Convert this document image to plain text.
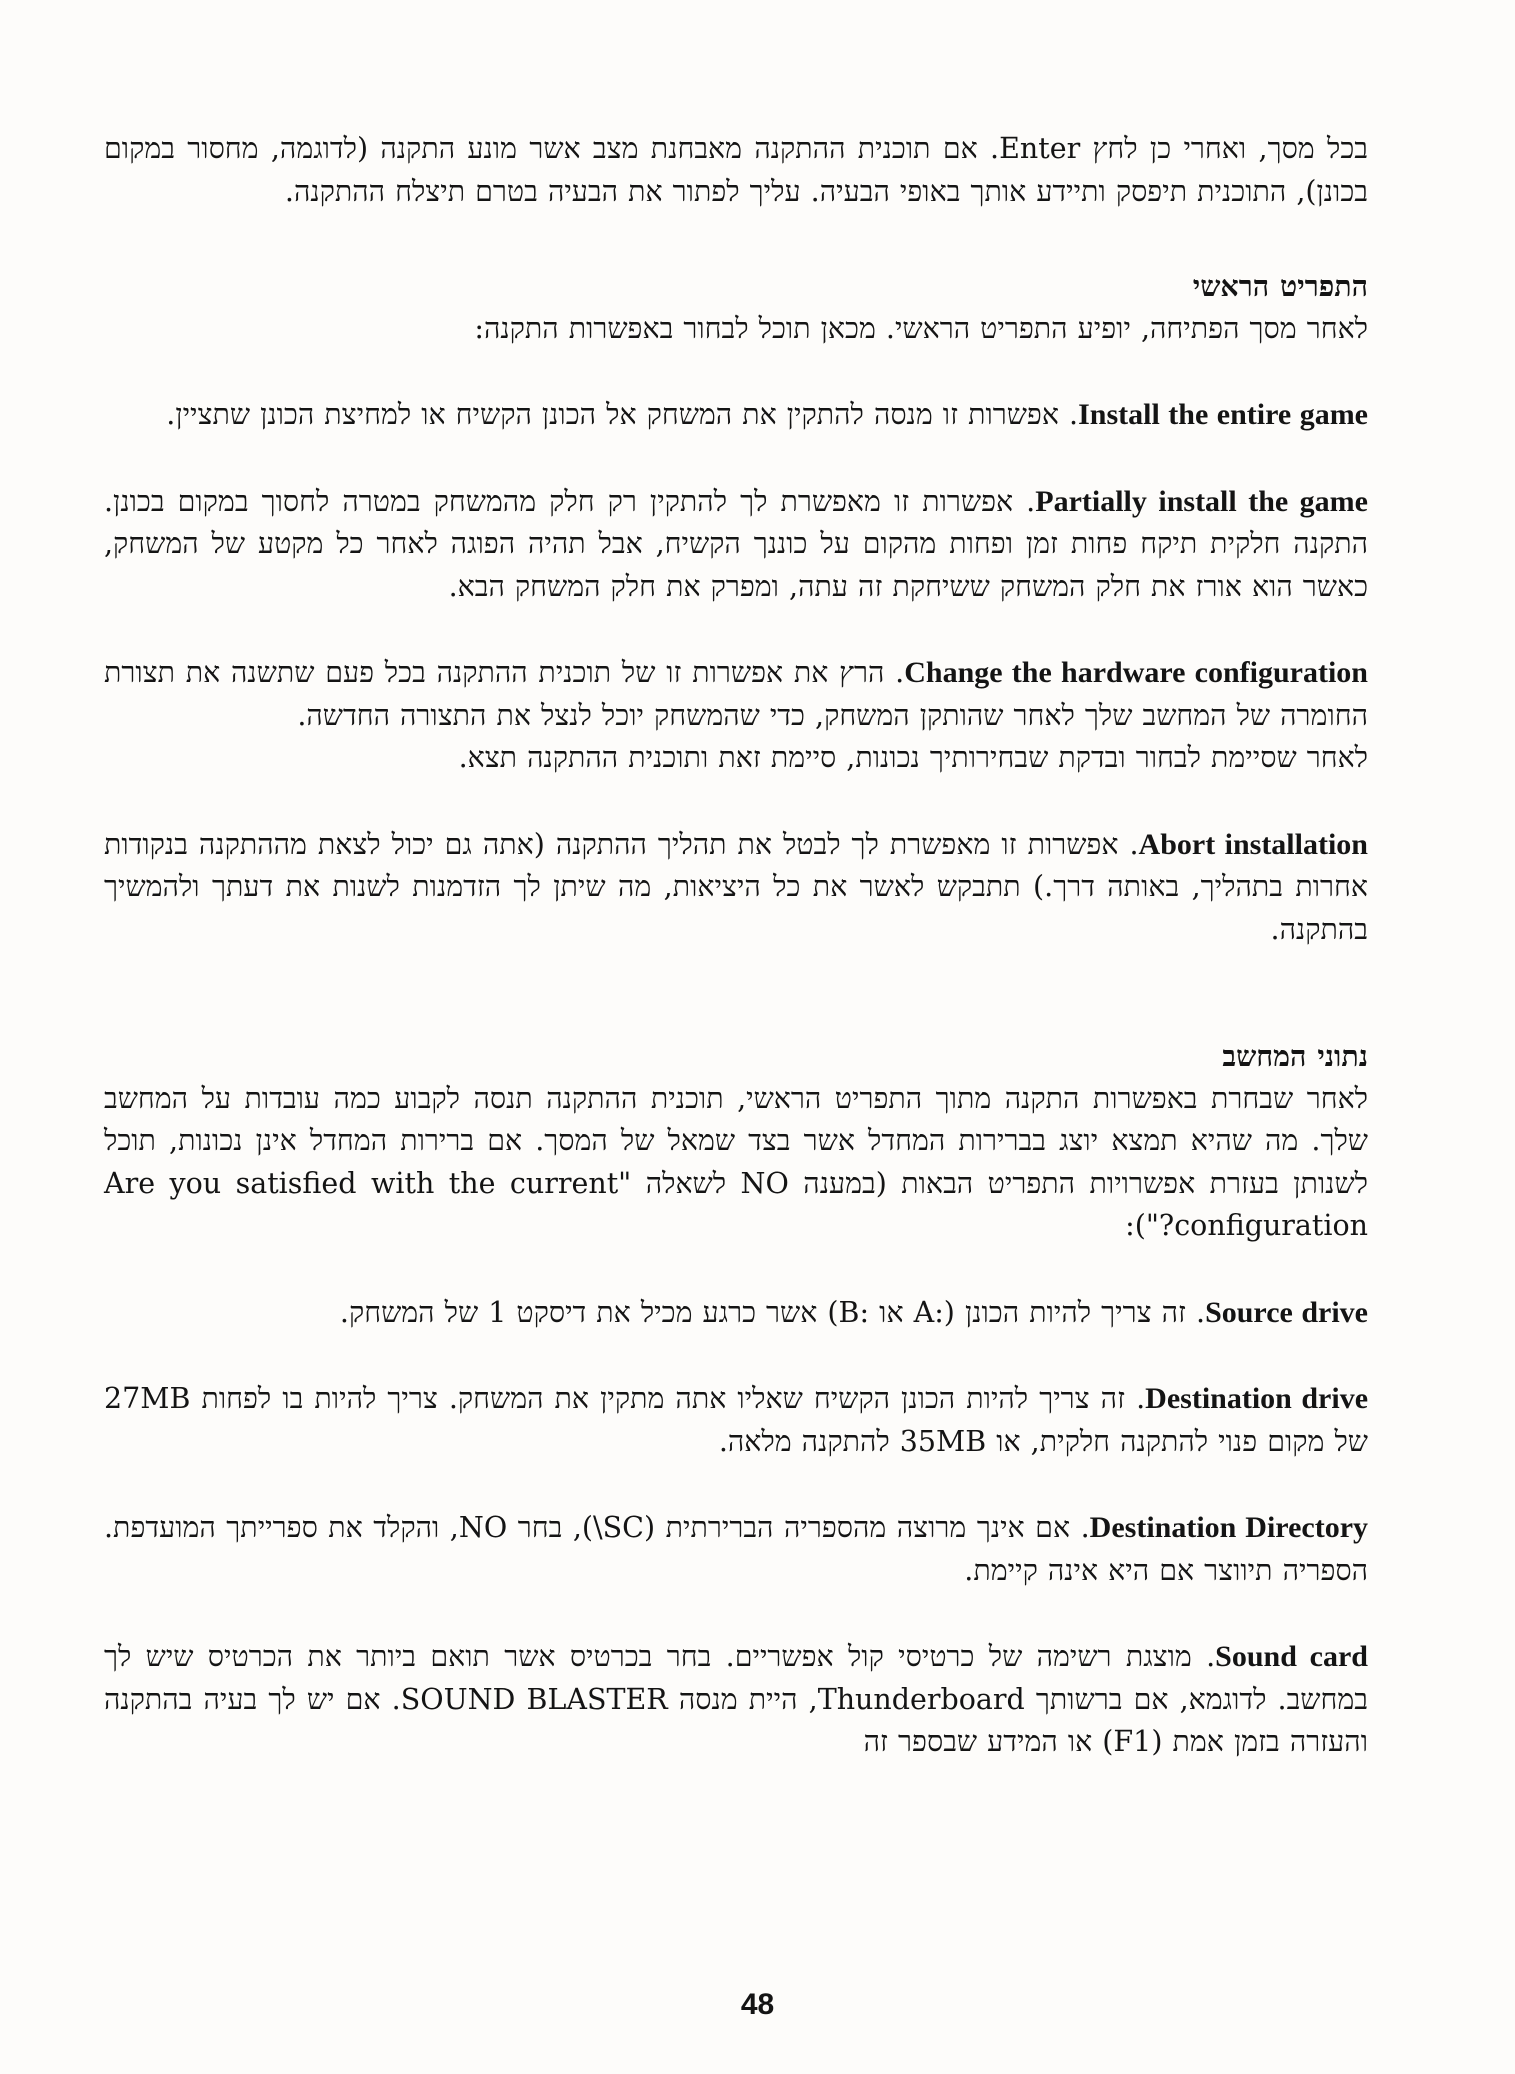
בכל מסך, ואחרי כן לחץ Enter. אם תוכנית ההתקנה מאבחנת מצב אשר מונע התקנה (לדוגמה, מחסור במקום בכונן), התוכנית תיפסק ותיידע אותך באופי הבעיה. עליך לפתור את הבעיה בטרם תיצלח ההתקנה.

התפריט הראשי

לאחר מסך הפתיחה, יופיע התפריט הראשי. מכאן תוכל לבחור באפשרות התקנה:

Install the entire game. אפשרות זו מנסה להתקין את המשחק אל הכונן הקשיח או למחיצת הכונן שתציין.

Partially install the game. אפשרות זו מאפשרת לך להתקין רק חלק מהמשחק במטרה לחסוך במקום בכונן. התקנה חלקית תיקח פחות זמן ופחות מהקום על כוננך הקשיח, אבל תהיה הפוגה לאחר כל מקטע של המשחק, כאשר הוא אורז את חלק המשחק ששיחקת זה עתה, ומפרק את חלק המשחק הבא.

Change the hardware configuration. הרץ את אפשרות זו של תוכנית ההתקנה בכל פעם שתשנה את תצורת החומרה של המחשב שלך לאחר שהותקן המשחק, כדי שהמשחק יוכל לנצל את התצורה החדשה.

לאחר שסיימת לבחור ובדקת שבחירותיך נכונות, סיימת זאת ותוכנית ההתקנה תצא.

Abort installation. אפשרות זו מאפשרת לך לבטל את תהליך ההתקנה (אתה גם יכול לצאת מההתקנה בנקודות אחרות בתהליך, באותה דרך.) תתבקש לאשר את כל היציאות, מה שיתן לך הזדמנות לשנות את דעתך ולהמשיך בהתקנה.

נתוני המחשב

לאחר שבחרת באפשרות התקנה מתוך התפריט הראשי, תוכנית ההתקנה תנסה לקבוע כמה עובדות על המחשב שלך. מה שהיא תמצא יוצג בברירות המחדל אשר בצד שמאל של המסך. אם ברירות המחדל אינן נכונות, תוכל לשנותן בעזרת אפשרויות התפריט הבאות (במענה NO לשאלה "Are you satisfied with the current configuration?"):

Source drive. זה צריך להיות הכונן (:A או :B) אשר כרגע מכיל את דיסקט 1 של המשחק.

Destination drive. זה צריך להיות הכונן הקשיח שאליו אתה מתקין את המשחק. צריך להיות בו לפחות 27MB של מקום פנוי להתקנה חלקית, או 35MB להתקנה מלאה.

Destination Directory. אם אינך מרוצה מהספריה הברירתית (SC\), בחר NO, והקלד את ספרייתך המועדפת. הספריה תיווצר אם היא אינה קיימת.

Sound card. מוצגת רשימה של כרטיסי קול אפשריים. בחר בכרטיס אשר תואם ביותר את הכרטיס שיש לך במחשב. לדוגמא, אם ברשותך Thunderboard, היית מנסה SOUND BLASTER. אם יש לך בעיה בהתקנה והעזרה בזמן אמת (F1) או המידע שבספר זה

48
